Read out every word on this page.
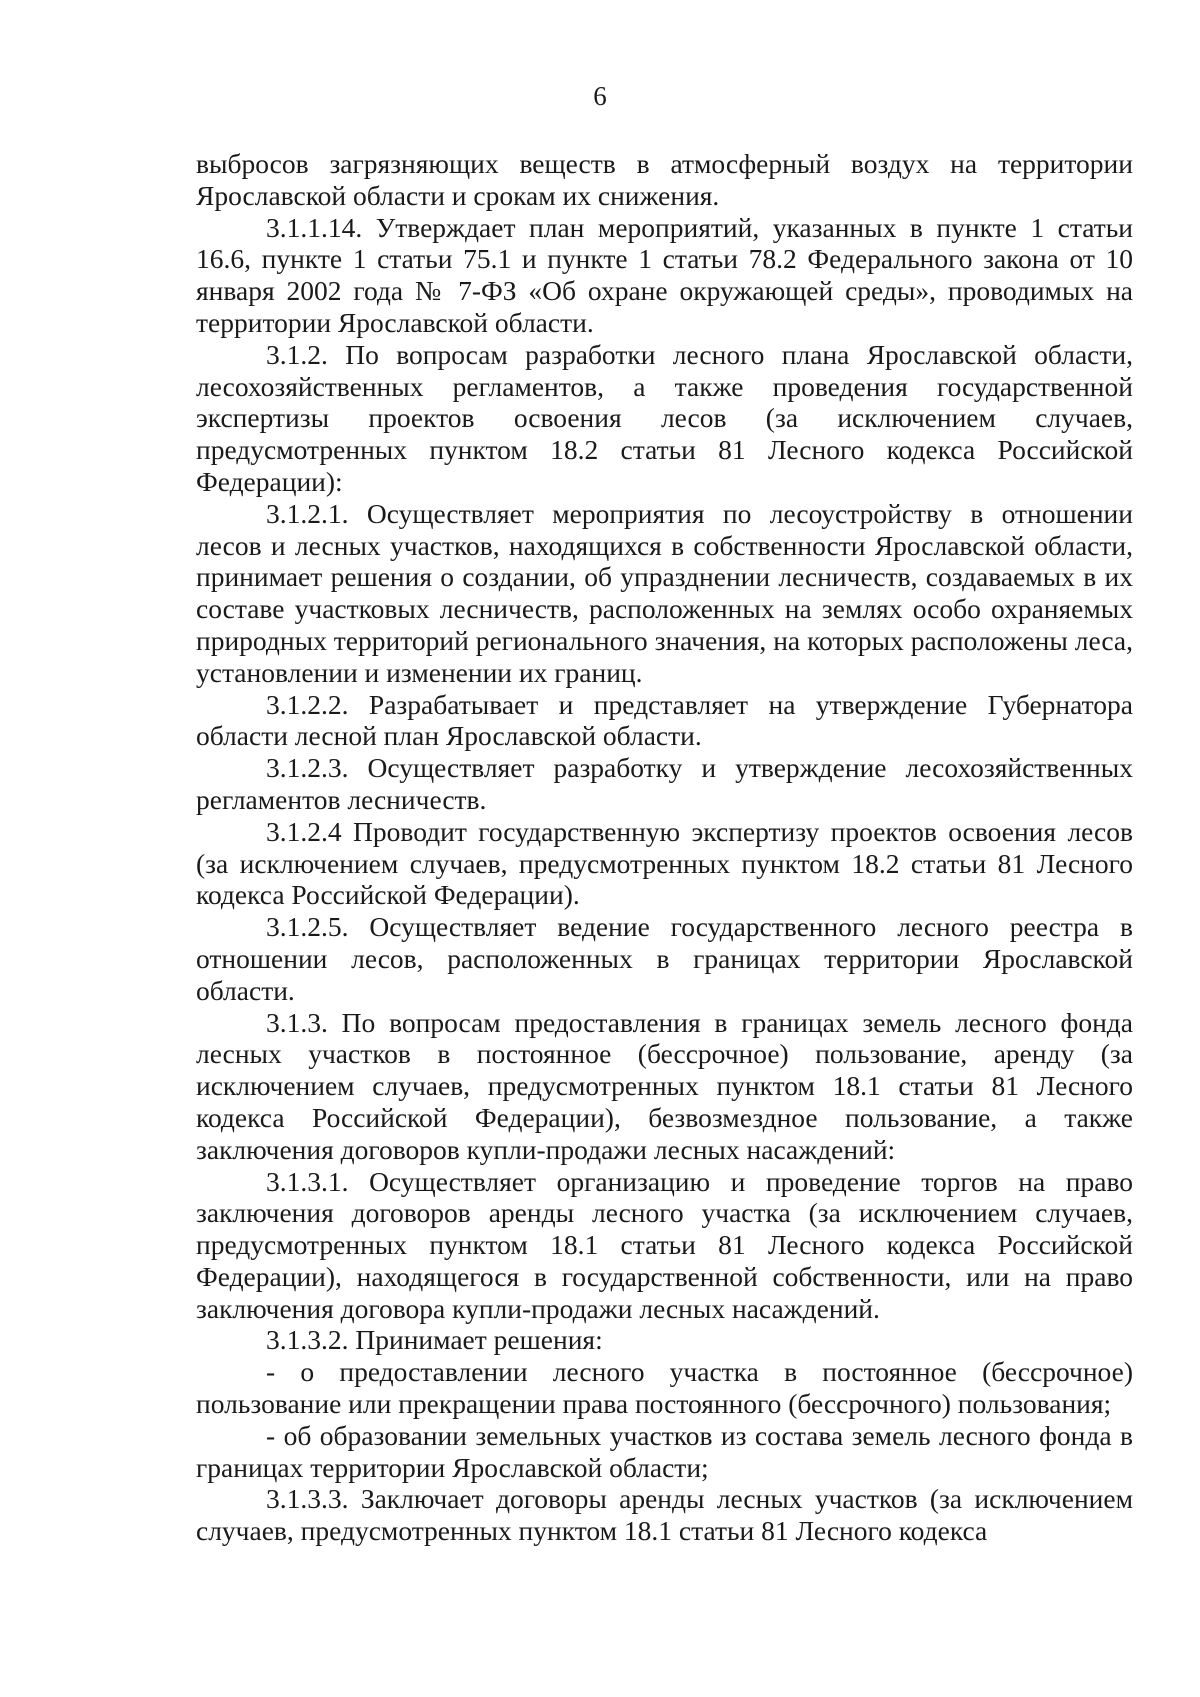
6

выбросов загрязняющих веществ в атмосферный воздух на территории Ярославской области и срокам их снижения.

3.1.1.14. Утверждает план мероприятий, указанных в пункте 1 статьи 16.6, пункте 1 статьи 75.1 и пункте 1 статьи 78.2 Федерального закона от 10 января 2002 года № 7-ФЗ «Об охране окружающей среды», проводимых на территории Ярославской области.

3.1.2. По вопросам разработки лесного плана Ярославской области, лесохозяйственных регламентов, а также проведения государственной экспертизы проектов освоения лесов (за исключением случаев, предусмотренных пунктом 18.2 статьи 81 Лесного кодекса Российской Федерации):

3.1.2.1. Осуществляет мероприятия по лесоустройству в отношении лесов и лесных участков, находящихся в собственности Ярославской области, принимает решения о создании, об упразднении лесничеств, создаваемых в их составе участковых лесничеств, расположенных на землях особо охраняемых природных территорий регионального значения, на которых расположены леса, установлении и изменении их границ.

3.1.2.2. Разрабатывает и представляет на утверждение Губернатора области лесной план Ярославской области.

3.1.2.3. Осуществляет разработку и утверждение лесохозяйственных регламентов лесничеств.

3.1.2.4 Проводит государственную экспертизу проектов освоения лесов (за исключением случаев, предусмотренных пунктом 18.2 статьи 81 Лесного кодекса Российской Федерации).

3.1.2.5. Осуществляет ведение государственного лесного реестра в отношении лесов, расположенных в границах территории Ярославской области.

3.1.3. По вопросам предоставления в границах земель лесного фонда лесных участков в постоянное (бессрочное) пользование, аренду (за исключением случаев, предусмотренных пунктом 18.1 статьи 81 Лесного кодекса Российской Федерации), безвозмездное пользование, а также заключения договоров купли-продажи лесных насаждений:

3.1.3.1. Осуществляет организацию и проведение торгов на право заключения договоров аренды лесного участка (за исключением случаев, предусмотренных пунктом 18.1 статьи 81 Лесного кодекса Российской Федерации), находящегося в государственной собственности, или на право заключения договора купли-продажи лесных насаждений.

3.1.3.2. Принимает решения:

- о предоставлении лесного участка в постоянное (бессрочное) пользование или прекращении права постоянного (бессрочного) пользования;

- об образовании земельных участков из состава земель лесного фонда в границах территории Ярославской области;

3.1.3.3. Заключает договоры аренды лесных участков (за исключением случаев, предусмотренных пунктом 18.1 статьи 81 Лесного кодекса
